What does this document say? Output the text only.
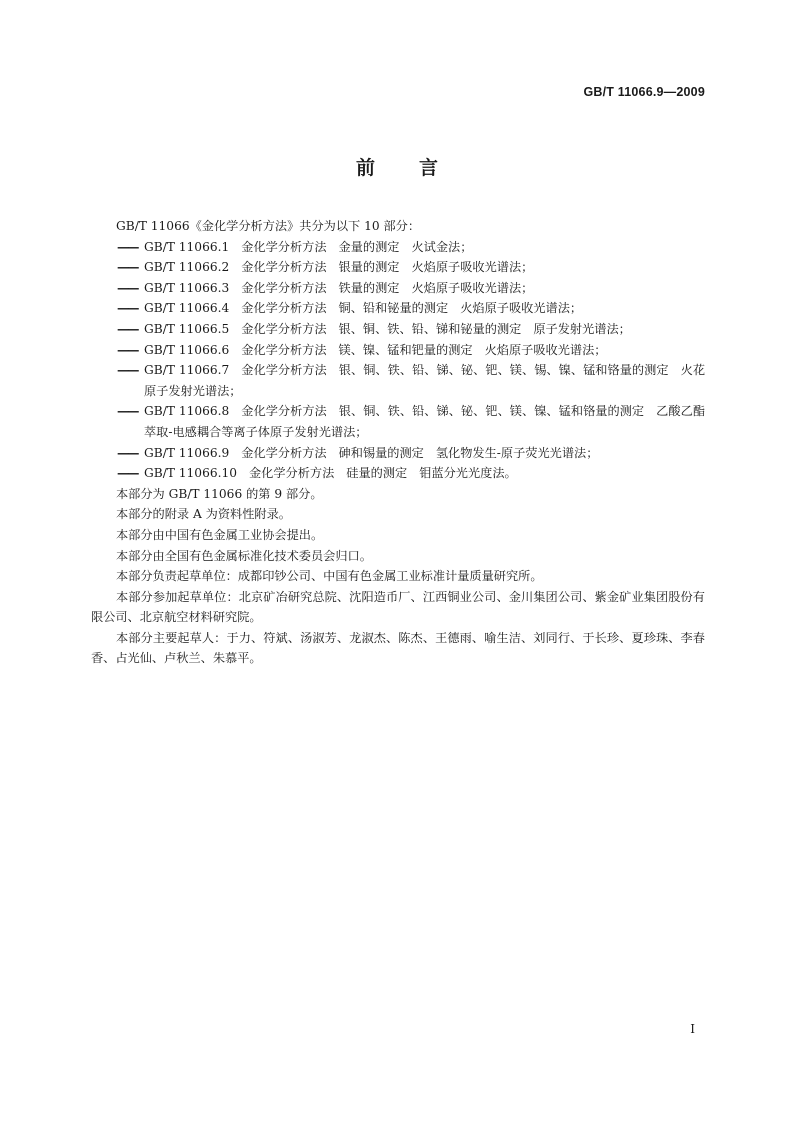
GB/T 11066.9—2009
前 言

GB/T 11066《金化学分析方法》共分为以下 10 部分：

—— GB/T 11066.1 金化学分析方法 金量的测定 火试金法；

—— GB/T 11066.2 金化学分析方法 银量的测定 火焰原子吸收光谱法；

—— GB/T 11066.3 金化学分析方法 铁量的测定 火焰原子吸收光谱法；

—— GB/T 11066.4 金化学分析方法 铜、铅和铋量的测定 火焰原子吸收光谱法；

—— GB/T 11066.5 金化学分析方法 银、铜、铁、铅、锑和铋量的测定 原子发射光谱法；

—— GB/T 11066.6 金化学分析方法 镁、镍、锰和钯量的测定 火焰原子吸收光谱法；

—— GB/T 11066.7 金化学分析方法 银、铜、铁、铅、锑、铋、钯、镁、锡、镍、锰和铬量的测定 火花原子发射光谱法；

—— GB/T 11066.8 金化学分析方法 银、铜、铁、铅、锑、铋、钯、镁、镍、锰和铬量的测定 乙酸乙酯萃取-电感耦合等离子体原子发射光谱法；

—— GB/T 11066.9 金化学分析方法 砷和锡量的测定 氢化物发生-原子荧光光谱法；

—— GB/T 11066.10 金化学分析方法 硅量的测定 钼蓝分光光度法。

本部分为 GB/T 11066 的第 9 部分。

本部分的附录 A 为资料性附录。

本部分由中国有色金属工业协会提出。

本部分由全国有色金属标准化技术委员会归口。

本部分负责起草单位：成都印钞公司、中国有色金属工业标准计量质量研究所。

本部分参加起草单位：北京矿冶研究总院、沈阳造币厂、江西铜业公司、金川集团公司、紫金矿业集团股份有限公司、北京航空材料研究院。

本部分主要起草人：于力、符斌、汤淑芳、龙淑杰、陈杰、王德雨、喻生洁、刘同行、于长珍、夏珍珠、李春香、占光仙、卢秋兰、朱慕平。

I
